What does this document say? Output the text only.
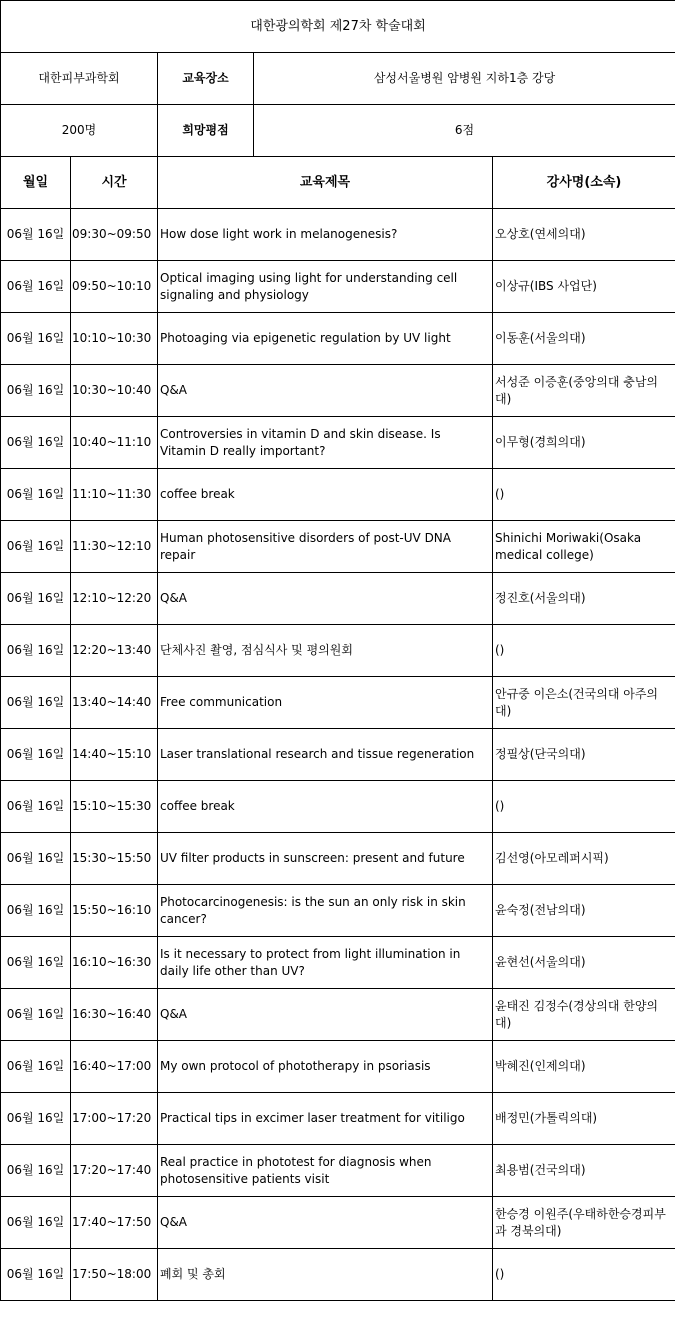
대한광의학회 제27차 학술대회				
대한피부과학회		교육장소	삼성서울병원 암병원 지하1층 강당	
200명		희망평점	6점	
월일	시간	교육제목		강사명(소속)
06월 16일	09:30~09:50	How dose light work in melanogenesis?		오상호(연세의대)
06월 16일	09:50~10:10	Optical imaging using light for understanding cell signaling and physiology		이상규(IBS 사업단)
06월 16일	10:10~10:30	Photoaging via epigenetic regulation by UV light		이동훈(서울의대)
06월 16일	10:30~10:40	Q&A		서성준 이증훈(중앙의대 충남의대)
06월 16일	10:40~11:10	Controversies in vitamin D and skin disease. Is Vitamin D really important?		이무형(경희의대)
06월 16일	11:10~11:30	coffee break		()
06월 16일	11:30~12:10	Human photosensitive disorders of post-UV DNA repair		Shinichi Moriwaki(Osaka medical college)
06월 16일	12:10~12:20	Q&A		정진호(서울의대)
06월 16일	12:20~13:40	단체사진 촬영, 점심식사 및 평의원회		()
06월 16일	13:40~14:40	Free communication		안규중 이은소(건국의대 아주의대)
06월 16일	14:40~15:10	Laser translational research and tissue regeneration		정필상(단국의대)
06월 16일	15:10~15:30	coffee break		()
06월 16일	15:30~15:50	UV filter products in sunscreen: present and future		김선영(아모레퍼시픽)
06월 16일	15:50~16:10	Photocarcinogenesis: is the sun an only risk in skin cancer?		윤숙정(전남의대)
06월 16일	16:10~16:30	Is it necessary to protect from light illumination in daily life other than UV?		윤현선(서울의대)
06월 16일	16:30~16:40	Q&A		윤태진 김정수(경상의대 한양의대)
06월 16일	16:40~17:00	My own protocol of phototherapy in psoriasis		박혜진(인제의대)
06월 16일	17:00~17:20	Practical tips in excimer laser treatment for vitiligo		배정민(가톨릭의대)
06월 16일	17:20~17:40	Real practice in phototest for diagnosis when photosensitive patients visit		최용범(건국의대)
06월 16일	17:40~17:50	Q&A		한승경 이원주(우태하한승경피부과 경북의대)
06월 16일	17:50~18:00	폐회 및 총회		()
